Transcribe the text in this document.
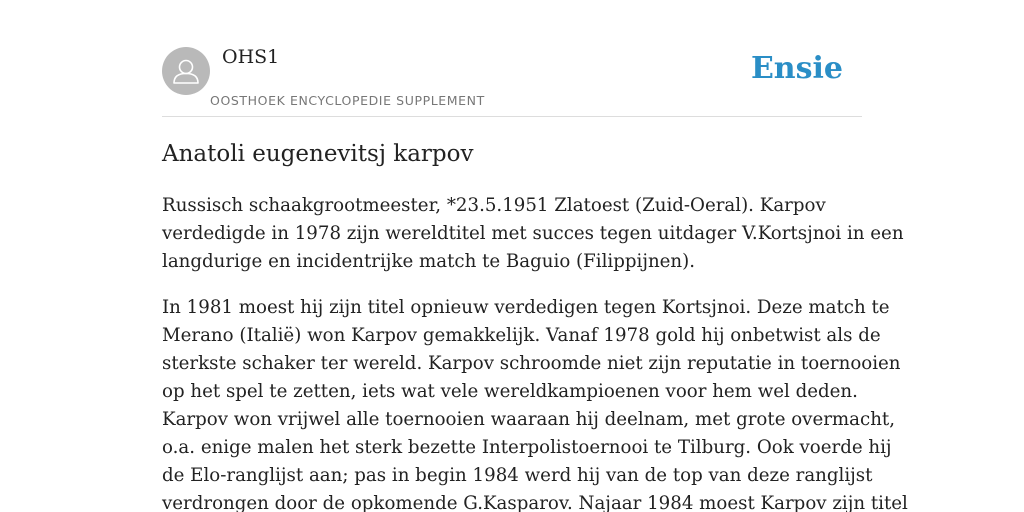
OHS1
OOSTHOEK ENCYCLOPEDIE SUPPLEMENT
Ensie
Anatoli eugenevitsj karpov

Russisch schaakgrootmeester, *23.5.1951 Zlatoest (Zuid-Oeral). Karpov
verdedigde in 1978 zijn wereldtitel met succes tegen uitdager V.Kortsjnoi in een
langdurige en incidentrijke match te Baguio (Filippijnen).

In 1981 moest hij zijn titel opnieuw verdedigen tegen Kortsjnoi. Deze match te
Merano (Italië) won Karpov gemakkelijk. Vanaf 1978 gold hij onbetwist als de
sterkste schaker ter wereld. Karpov schroomde niet zijn reputatie in toernooien
op het spel te zetten, iets wat vele wereldkampioenen voor hem wel deden.
Karpov won vrijwel alle toernooien waaraan hij deelnam, met grote overmacht,
o.a. enige malen het sterk bezette Interpolistoernooi te Tilburg. Ook voerde hij
de Elo-ranglijst aan; pas in begin 1984 werd hij van de top van deze ranglijst
verdrongen door de opkomende G.Kasparov. Najaar 1984 moest Karpov zijn titel
